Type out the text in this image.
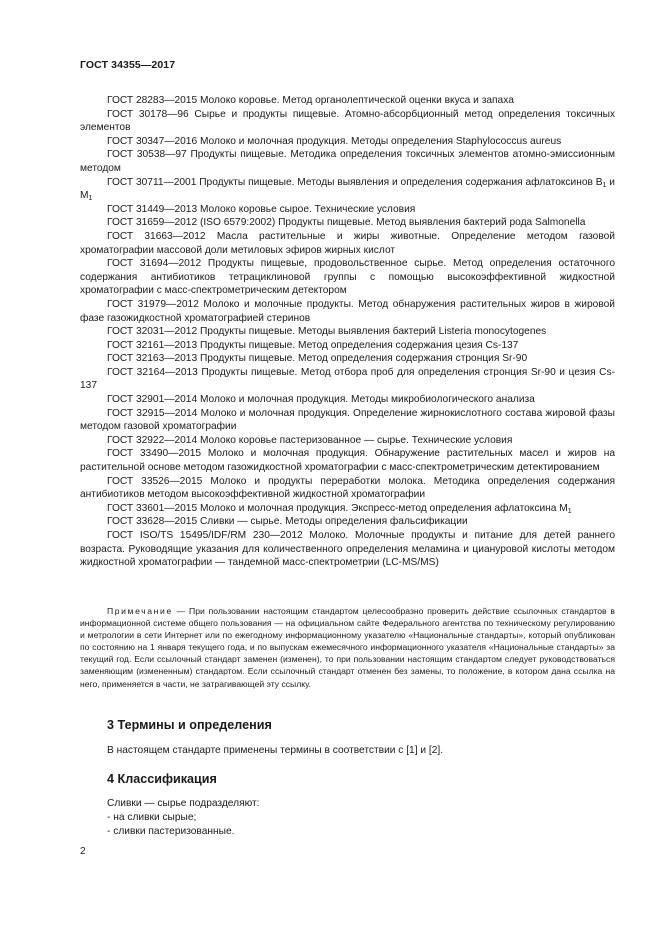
ГОСТ 34355—2017

ГОСТ 28283—2015 Молоко коровье. Метод органолептической оценки вкуса и запаха

ГОСТ 30178—96 Сырье и продукты пищевые. Атомно-абсорбционный метод определения токсичных элементов

ГОСТ 30347—2016 Молоко и молочная продукция. Методы определения Staphylococcus aureus

ГОСТ 30538—97 Продукты пищевые. Методика определения токсичных элементов атомно-эмиссионным методом

ГОСТ 30711—2001 Продукты пищевые. Методы выявления и определения содержания афлатоксинов $B_1$ и $M_1$

ГОСТ 31449—2013 Молоко коровье сырое. Технические условия

ГОСТ 31659—2012 (ISO 6579:2002) Продукты пищевые. Метод выявления бактерий рода Salmonella

ГОСТ 31663—2012 Масла растительные и жиры животные. Определение методом газовой хроматографии массовой доли метиловых эфиров жирных кислот

ГОСТ 31694—2012 Продукты пищевые, продовольственное сырье. Метод определения остаточного содержания антибиотиков тетрациклиновой группы с помощью высокоэффективной жидкостной хроматографии с масс-спектрометрическим детектором

ГОСТ 31979—2012 Молоко и молочные продукты. Метод обнаружения растительных жиров в жировой фазе газожидкостной хроматографией стеринов

ГОСТ 32031—2012 Продукты пищевые. Методы выявления бактерий Listeria monocytogenes

ГОСТ 32161—2013 Продукты пищевые. Метод определения содержания цезия Cs-137

ГОСТ 32163—2013 Продукты пищевые. Метод определения содержания стронция Sr-90

ГОСТ 32164—2013 Продукты пищевые. Метод отбора проб для определения стронция Sr-90 и цезия Cs-137

ГОСТ 32901—2014 Молоко и молочная продукция. Методы микробиологического анализа

ГОСТ 32915—2014 Молоко и молочная продукция. Определение жирнокислотного состава жировой фазы методом газовой хроматографии

ГОСТ 32922—2014 Молоко коровье пастеризованное — сырье. Технические условия

ГОСТ 33490—2015 Молоко и молочная продукция. Обнаружение растительных масел и жиров на растительной основе методом газожидкостной хроматографии с масс-спектрометрическим детектированием

ГОСТ 33526—2015 Молоко и продукты переработки молока. Методика определения содержания антибиотиков методом высокоэффективной жидкостной хроматографии

ГОСТ 33601—2015 Молоко и молочная продукция. Экспресс-метод определения афлатоксина $M_1$

ГОСТ 33628—2015 Сливки — сырье. Методы определения фальсификации

ГОСТ ISO/TS 15495/IDF/RM 230—2012 Молоко. Молочные продукты и питание для детей раннего возраста. Руководящие указания для количественного определения меламина и циануровой кислоты методом жидкостной хроматографии — тандемной масс-спектрометрии (LC-MS/MS)

Примечание — При пользовании настоящим стандартом целесообразно проверить действие ссылочных стандартов в информационной системе общего пользования — на официальном сайте Федерального агентства по техническому регулированию и метрологии в сети Интернет или по ежегодному информационному указателю «Национальные стандарты», который опубликован по состоянию на 1 января текущего года, и по выпускам ежемесячного информационного указателя «Национальные стандарты» за текущий год. Если ссылочный стандарт заменен (изменен), то при пользовании настоящим стандартом следует руководствоваться заменяющим (измененным) стандартом. Если ссылочный стандарт отменен без замены, то положение, в котором дана ссылка на него, применяется в части, не затрагивающей эту ссылку.

3 Термины и определения

В настоящем стандарте применены термины в соответствии с [1] и [2].

4 Классификация

Сливки — сырье подразделяют:

- на сливки сырые;
- сливки пастеризованные.
2
